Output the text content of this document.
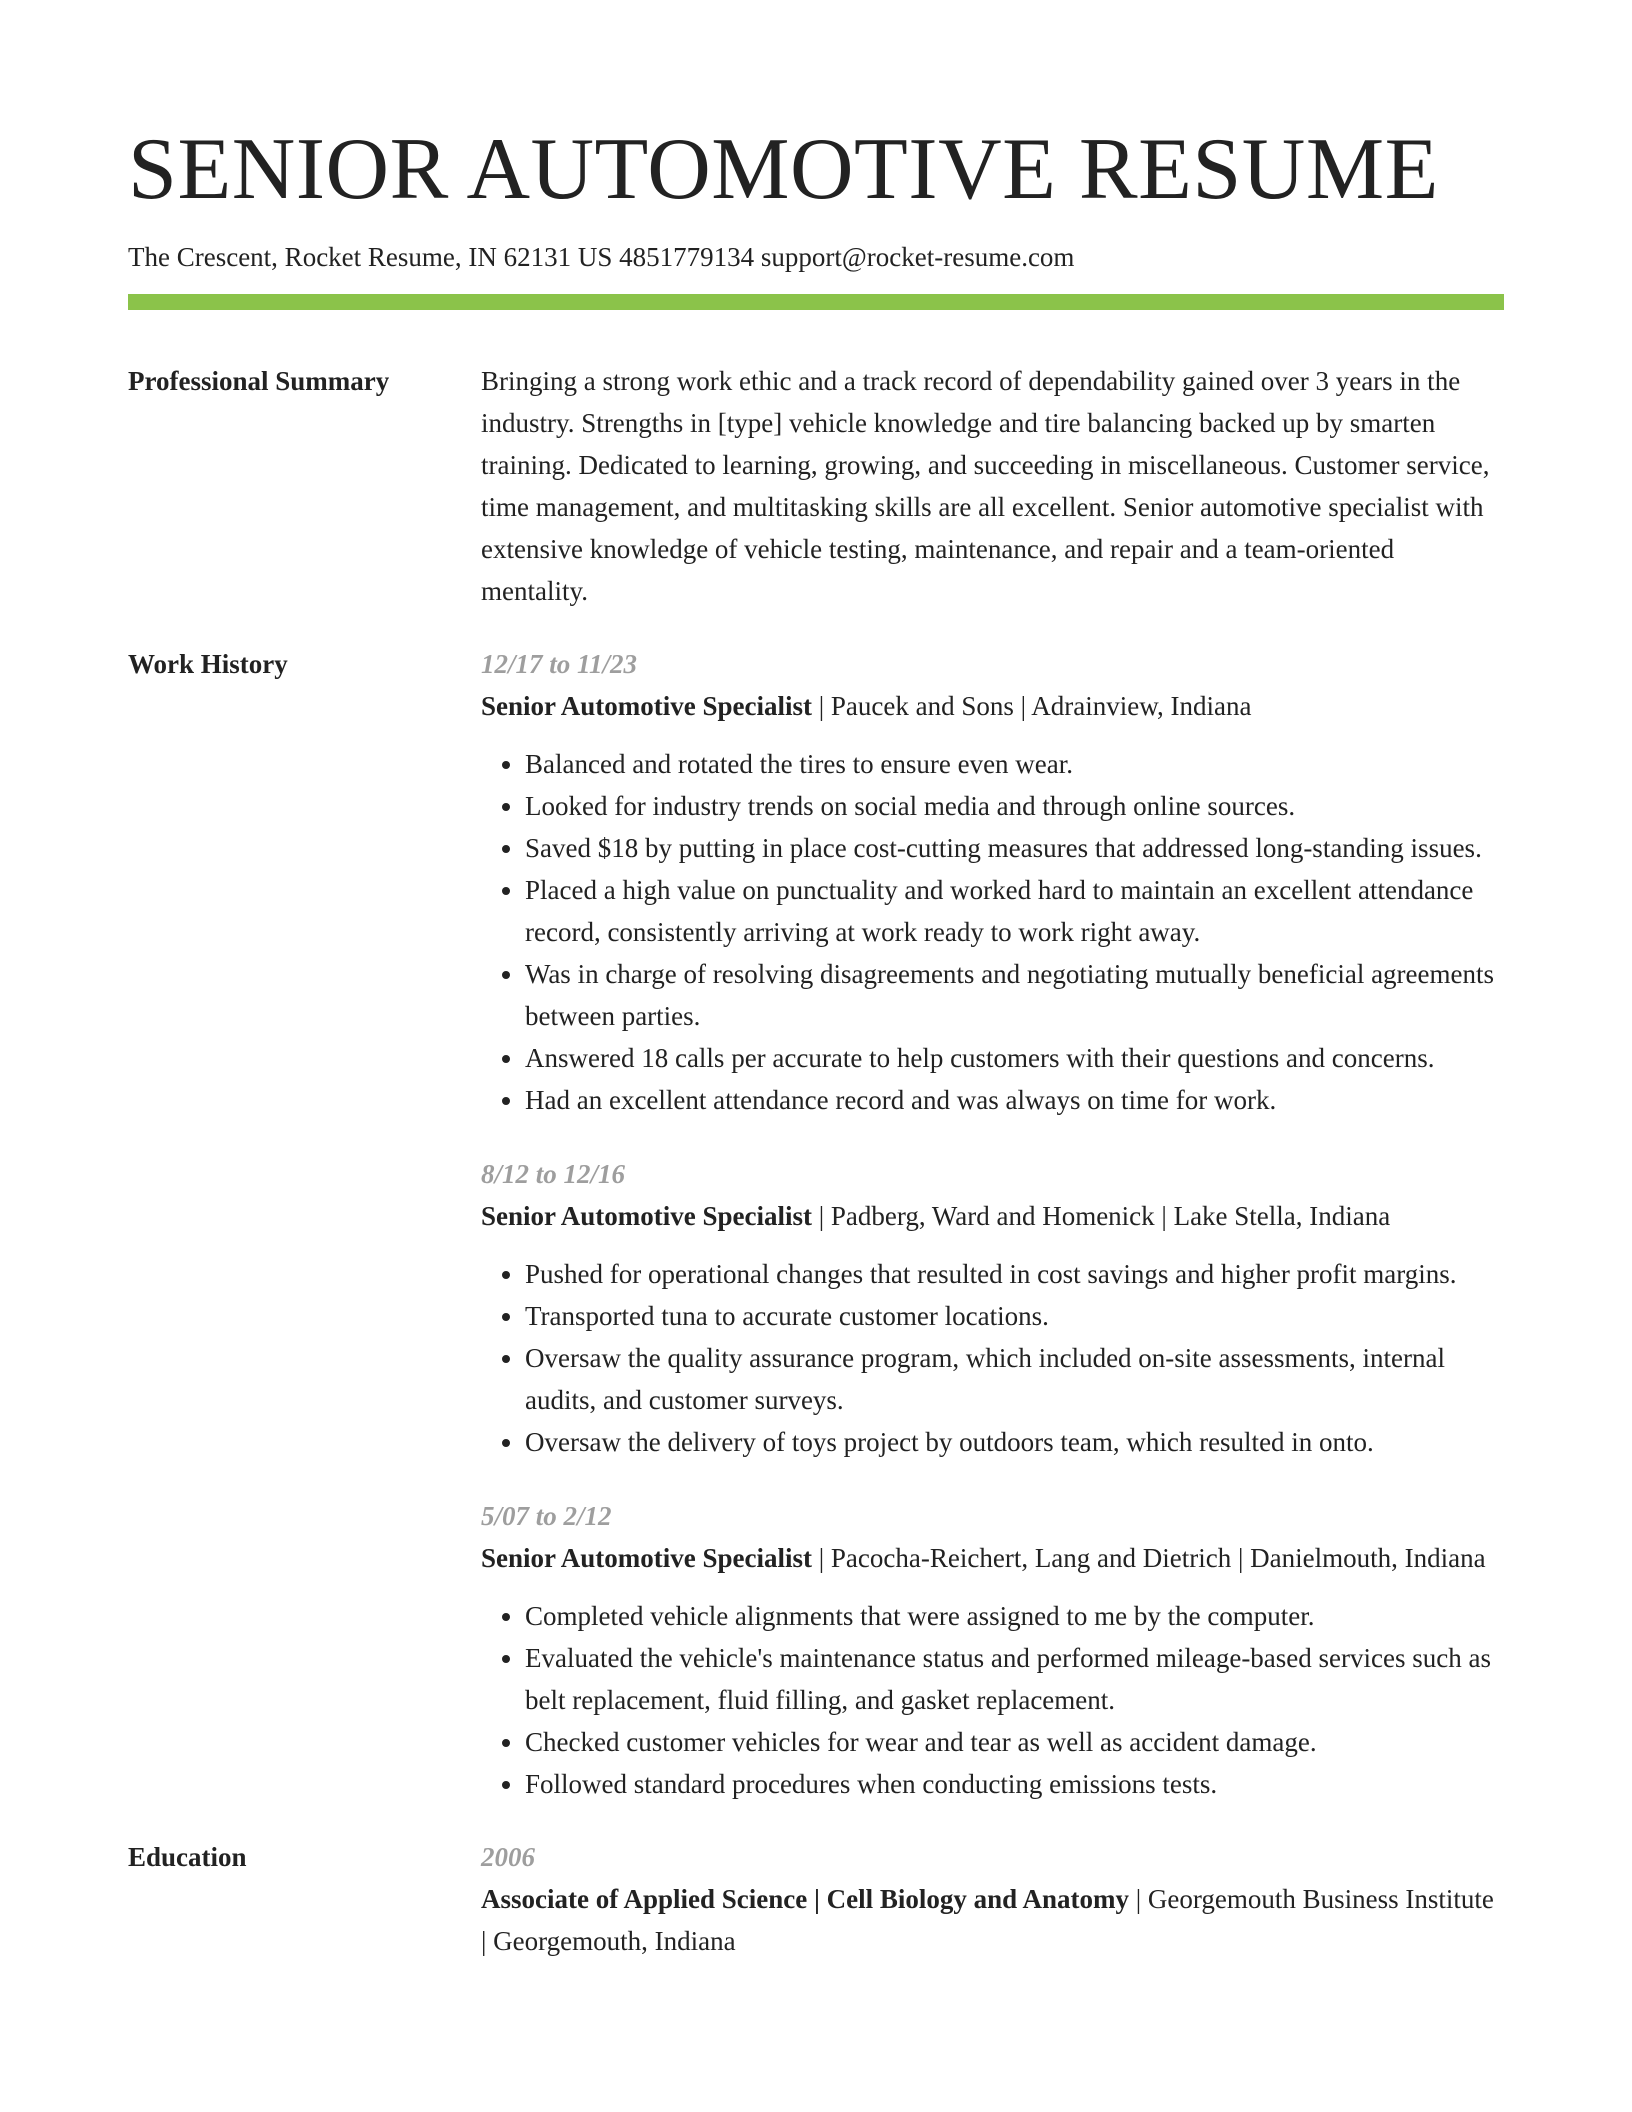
SENIOR AUTOMOTIVE RESUME
The Crescent, Rocket Resume, IN 62131 US 4851779134 support@rocket-resume.com
Professional Summary	Bringing a strong work ethic and a track record of dependability gained over 3 years in the industry. Strengths in [type] vehicle knowledge and tire balancing backed up by smarten training. Dedicated to learning, growing, and succeeding in miscellaneous. Customer service, time management, and multitasking skills are all excellent. Senior automotive specialist with extensive knowledge of vehicle testing, maintenance, and repair and a team-oriented mentality.
Work History	12/17 to 11/23
Senior Automotive Specialist | Paucek and Sons | Adrainview, Indiana
• Balanced and rotated the tires to ensure even wear.
• Looked for industry trends on social media and through online sources.
• Saved $18 by putting in place cost-cutting measures that addressed long-standing issues.
• Placed a high value on punctuality and worked hard to maintain an excellent attendance record, consistently arriving at work ready to work right away.
• Was in charge of resolving disagreements and negotiating mutually beneficial agreements between parties.
• Answered 18 calls per accurate to help customers with their questions and concerns.
• Had an excellent attendance record and was always on time for work.
8/12 to 12/16
Senior Automotive Specialist | Padberg, Ward and Homenick | Lake Stella, Indiana
• Pushed for operational changes that resulted in cost savings and higher profit margins.
• Transported tuna to accurate customer locations.
• Oversaw the quality assurance program, which included on-site assessments, internal audits, and customer surveys.
• Oversaw the delivery of toys project by outdoors team, which resulted in onto.
5/07 to 2/12
Senior Automotive Specialist | Pacocha-Reichert, Lang and Dietrich | Danielmouth, Indiana
• Completed vehicle alignments that were assigned to me by the computer.
• Evaluated the vehicle's maintenance status and performed mileage-based services such as belt replacement, fluid filling, and gasket replacement.
• Checked customer vehicles for wear and tear as well as accident damage.
• Followed standard procedures when conducting emissions tests.
Education	2006
Associate of Applied Science | Cell Biology and Anatomy | Georgemouth Business Institute | Georgemouth, Indiana
